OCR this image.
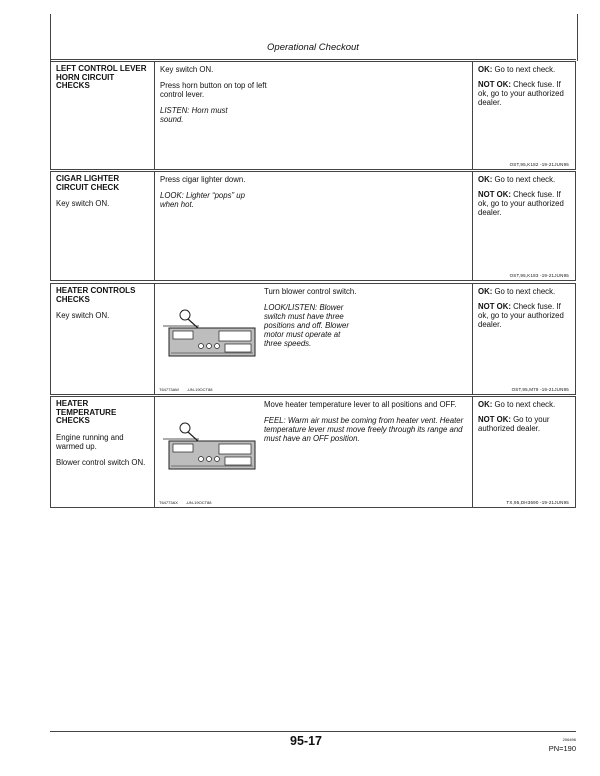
Operational Checkout
LEFT CONTROL LEVER HORN CIRCUIT CHECKS

Key switch ON.

Press horn button on top of left control lever.

LISTEN: Horn must sound.

OK: Go to next check.

NOT OK: Check fuse. If ok, go to your authorized dealer.

OST,95,K182 -19-21JUN95
CIGAR LIGHTER CIRCUIT CHECK
Key switch ON.

Press cigar lighter down.

LOOK: Lighter “pops” up when hot.

OK: Go to next check.

NOT OK: Check fuse. If ok, go to your authorized dealer.

OST,95,K183 -19-21JUN95
HEATER CONTROLS CHECKS
Key switch ON.
T64773AW -UN-19OCT88

Turn blower control switch.

LOOK/LISTEN: Blower switch must have three positions and off. Blower motor must operate at three speeds.

OK: Go to next check.

NOT OK: Check fuse. If ok, go to your authorized dealer.

OST,95,M79 -19-21JUN95
HEATER TEMPERATURE CHECKS
Engine running and warmed up.
Blower control switch ON.
T64773AX -UN-19OCT88

Move heater temperature lever to all positions and OFF.

FEEL: Warm air must be coming from heater vent. Heater temperature lever must move freely through its range and must have an OFF position.

OK: Go to next check.

NOT OK: Go to your authorized dealer.

TX,95,DH3690 -19-21JUN95
95-17	206496
PN=190
